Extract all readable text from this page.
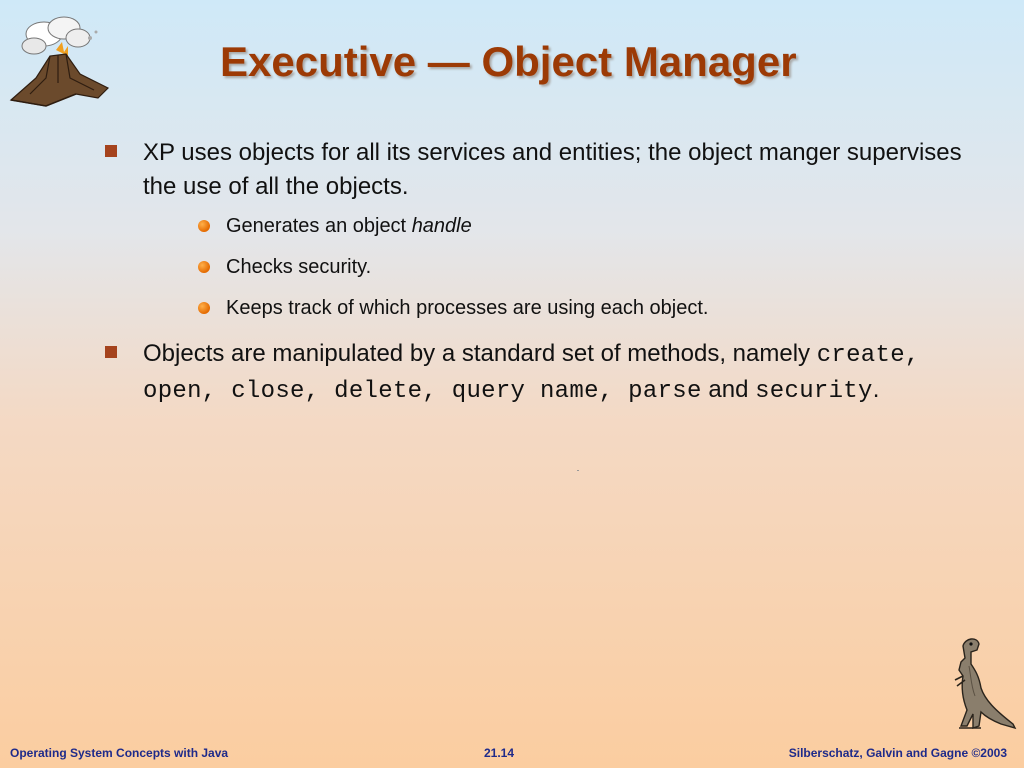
Executive — Object Manager
XP uses objects for all its services and entities; the object manger supervises the use of all the objects.
Generates an object handle
Checks security.
Keeps track of which processes are using each object.
Objects are manipulated by a standard set of methods, namely create, open, close, delete, query name, parse and security.
Operating System Concepts with Java	21.14	Silberschatz, Galvin and Gagne ©2003
